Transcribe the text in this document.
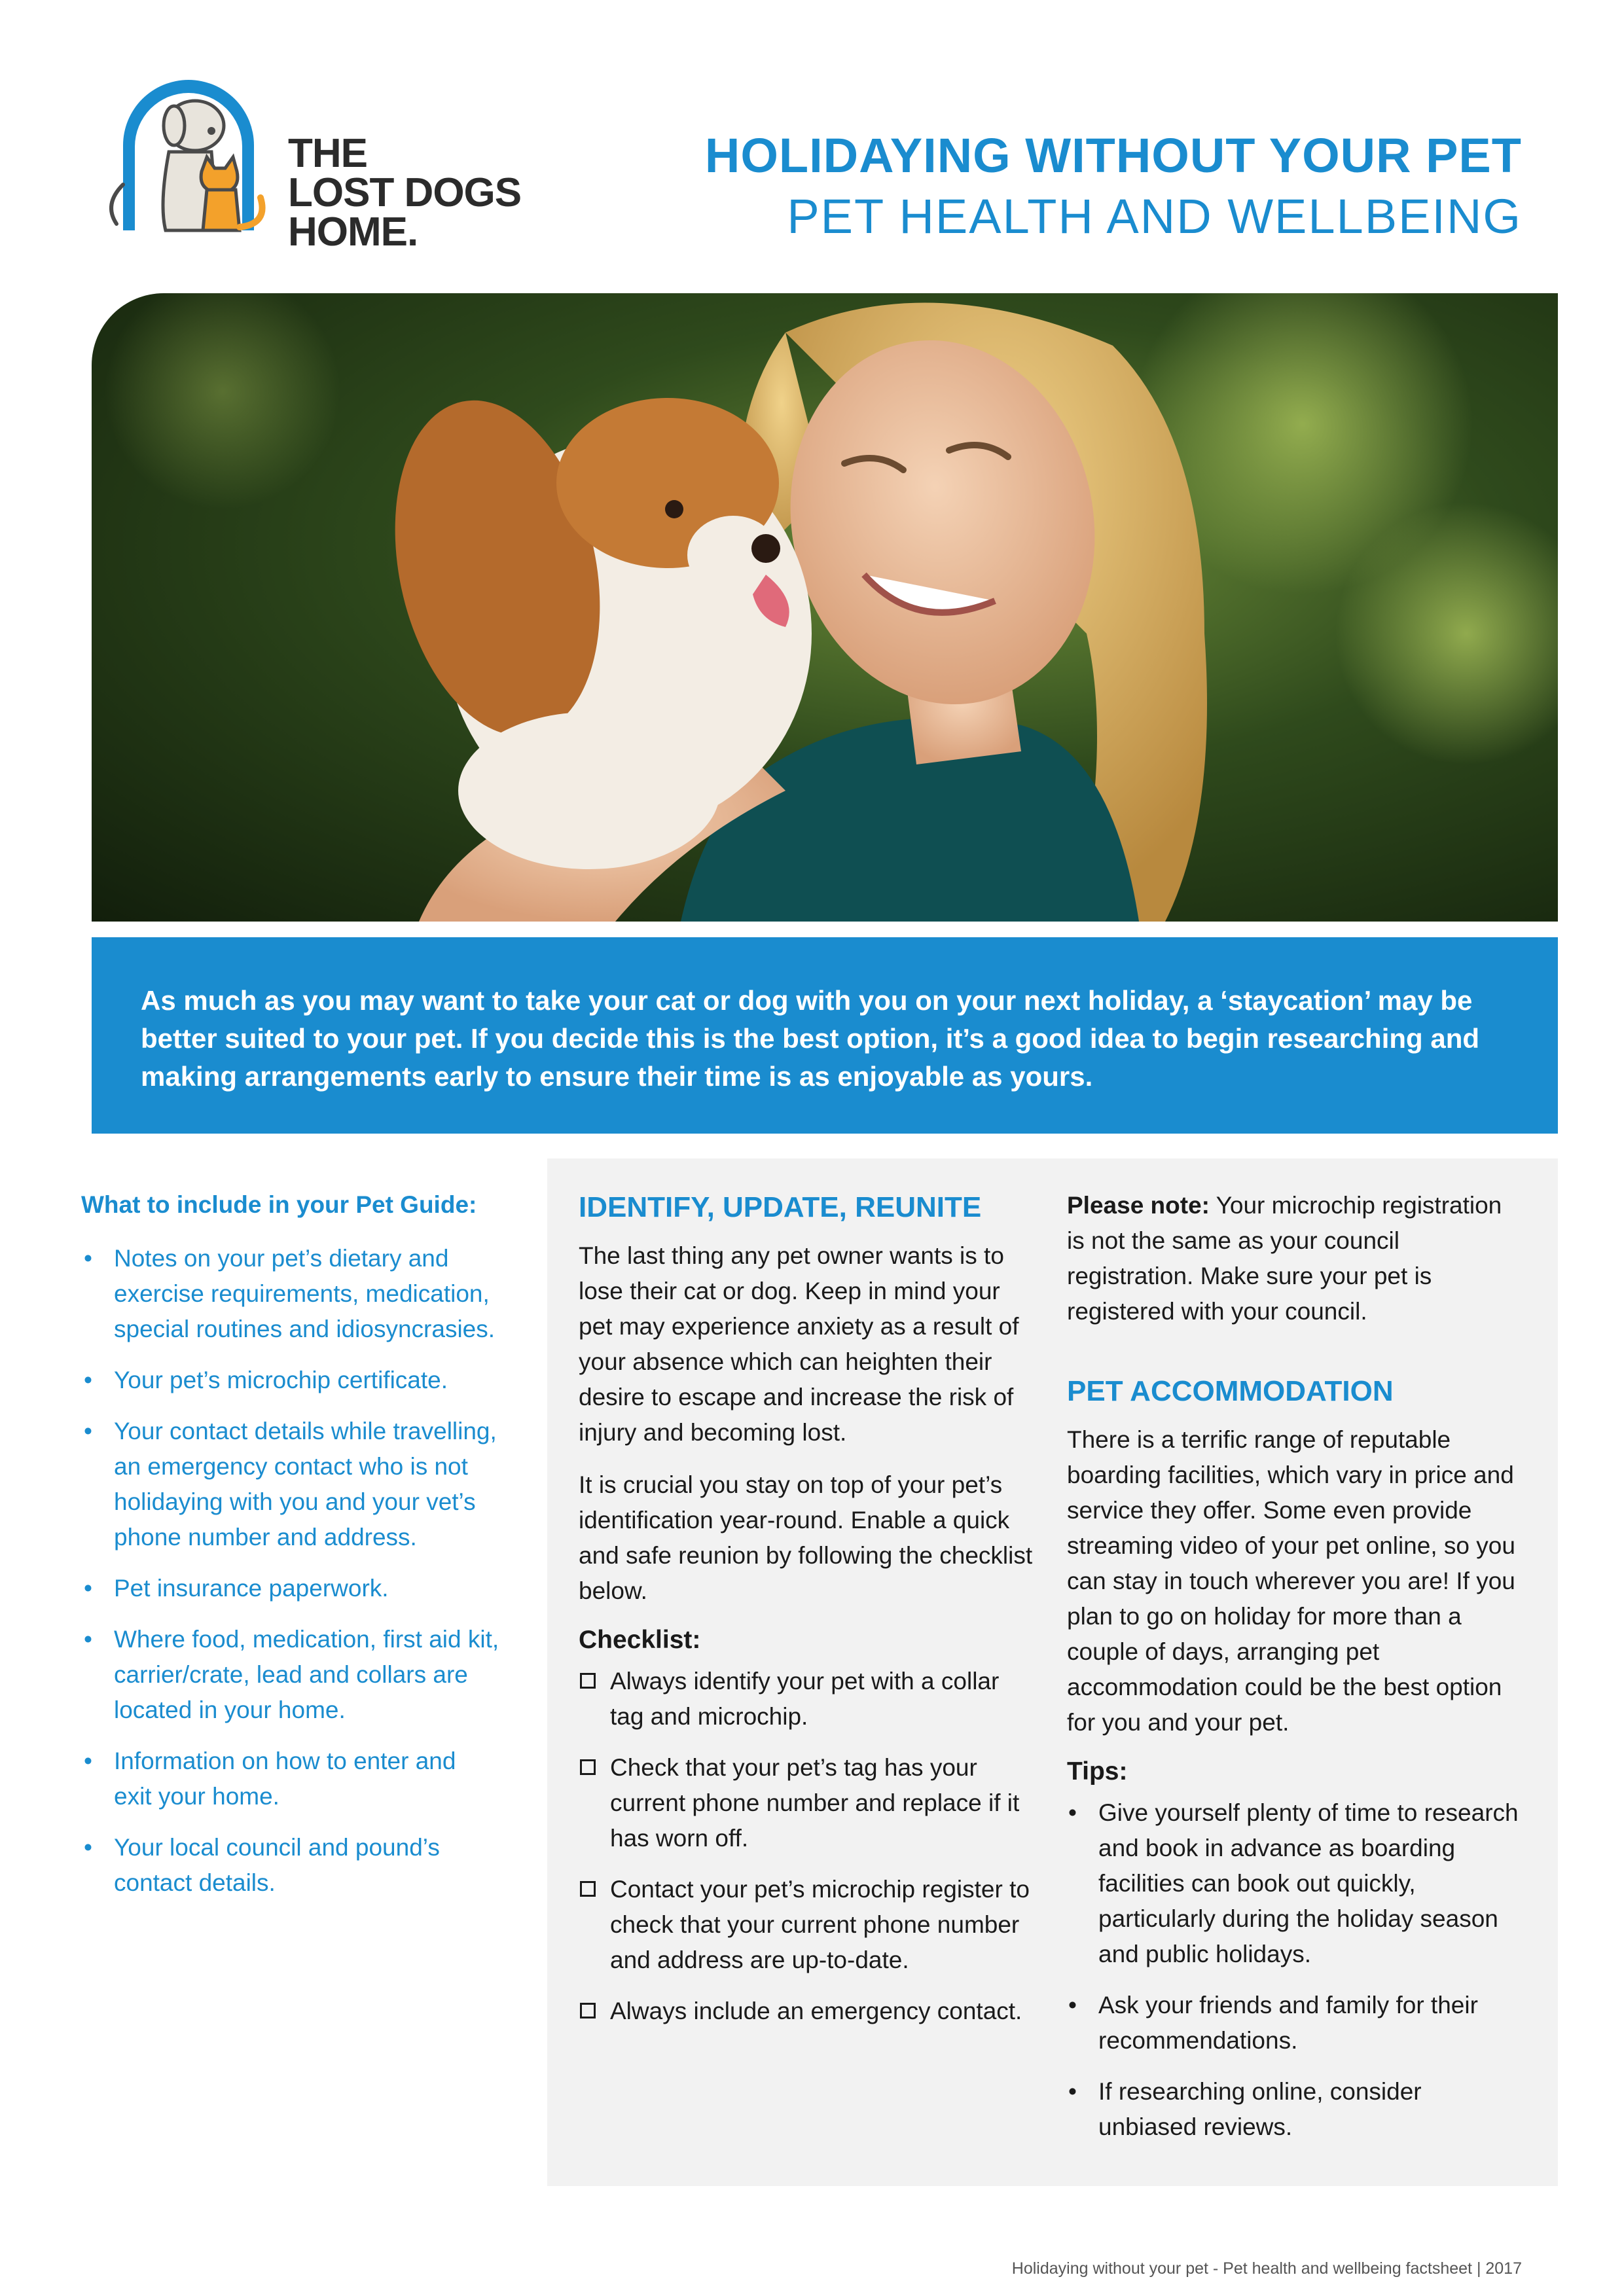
THE
LOST DOGS
HOME.
HOLIDAYING WITHOUT YOUR PET
PET HEALTH AND WELLBEING
As much as you may want to take your cat or dog with you on your next holiday, a ‘staycation’ may be better suited to your pet. If you decide this is the best option, it’s a good idea to begin researching and making arrangements early to ensure their time is as enjoyable as yours.
What to include in your Pet Guide:
• Notes on your pet’s dietary and exercise requirements, medication, special routines and idiosyncrasies.
• Your pet’s microchip certificate.
• Your contact details while travelling, an emergency contact who is not holidaying with you and your vet’s phone number and address.
• Pet insurance paperwork.
• Where food, medication, first aid kit, carrier/crate, lead and collars are located in your home.
• Information on how to enter and exit your home.
• Your local council and pound’s contact details.
IDENTIFY, UPDATE, REUNITE

The last thing any pet owner wants is to lose their cat or dog. Keep in mind your pet may experience anxiety as a result of your absence which can heighten their desire to escape and increase the risk of injury and becoming lost.

It is crucial you stay on top of your pet’s identification year-round. Enable a quick and safe reunion by following the checklist below.

Checklist:
Always identify your pet with a collar tag and microchip.
Check that your pet’s tag has your current phone number and replace if it has worn off.
Contact your pet’s microchip register to check that your current phone number and address are up-to-date.
Always include an emergency contact.

Please note: Your microchip registration is not the same as your council registration. Make sure your pet is registered with your council.

PET ACCOMMODATION

There is a terrific range of reputable boarding facilities, which vary in price and service they offer. Some even provide streaming video of your pet online, so you can stay in touch wherever you are! If you plan to go on holiday for more than a couple of days, arranging pet accommodation could be the best option for you and your pet.

Tips:
• Give yourself plenty of time to research and book in advance as boarding facilities can book out quickly, particularly during the holiday season and public holidays.
• Ask your friends and family for their recommendations.
• If researching online, consider unbiased reviews.
Holidaying without your pet - Pet health and wellbeing factsheet | 2017
